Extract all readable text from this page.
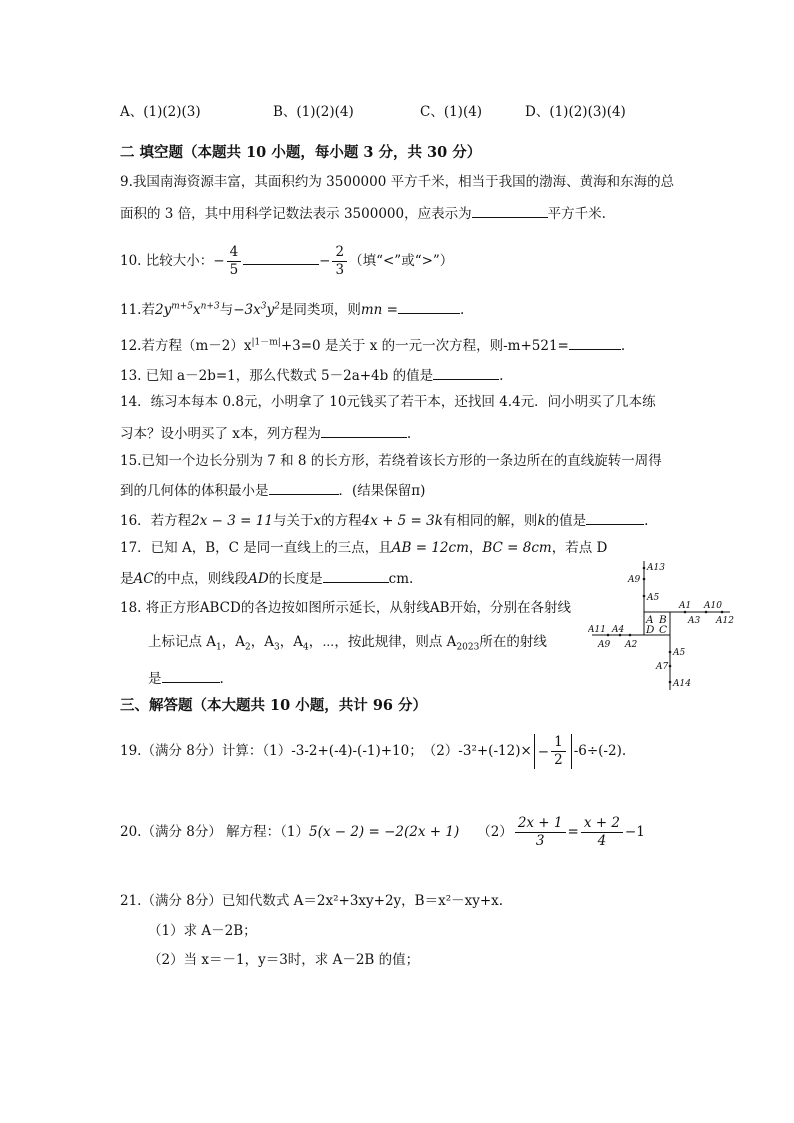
A、(1)(2)(3)	B、(1)(2)(4)	C、(1)(4)	D、(1)(2)(3)(4)
二 填空题（本题共 10 小题，每小题 3 分，共 30 分）
9.我国南海资源丰富，其面积约为 3500000 平方千米，相当于我国的渤海、黄海和东海的总
面积的 3 倍，其中用科学记数法表示 3500000，应表示为	平方千米.
10. 比较大小：− $\frac{4}{5}$	− $\frac{2}{3}$ （填“<”或“>”）
11.若$2y^{m+5}x^{n+3}$与$-3x^3y^2$是同类项，则mn =	.
12.若方程$(m-2)x^{|1-m|}+3=0$ 是关于 x 的一元一次方程，则-m+521=	.
13. 已知 a－2b=1，那么代数式 5－2a+4b 的值是	.
14．练习本每本 0.8元，小明拿了 10元钱买了若干本，还找回 4.4元．问小明买了几本练
习本？设小明买了 x本，列方程为	.
15.已知一个边长分别为 7 和 8 的长方形，若绕着该长方形的一条边所在的直线旋转一周得
到的几何体的体积最小是	．(结果保留π)
16．若方程2x − 3 = 11与关于x的方程4x + 5 = 3k有相同的解，则k的值是	.
17．已知 A，B，C 是同一直线上的三点，且AB = 12cm，BC = 8cm，若点 D
是AC的中点，则线段AD的长度是	cm.
18. 将正方形ABCD的各边按如图所示延长，从射线AB开始，分别在各射线
上标记点 $A_1$，$A_2$，$A_3$，$A_4$，⋯，按此规律，则点 $A_{2023}$所在的射线
是	.
A13
A9
A5
A1 A10
A12
A11 A4
A9 A2
A3
A5
A7
A14
A B
D C
三、解答题（本大题共 10 小题，共计 96 分）
19.（满分 8分）计算：（1）-3-2+(-4)-(-1)+10；　$(2)-3^2+(-12)\times - \frac{1}{2} -6\div(-2)$.
20.（满分 8分） 解方程：（1）5(x − 2) = −2(2x + 1) $(2) \frac{2x + 1}{3} = \frac{x + 2}{4} -1$
21.（满分 8分）已知代数式 A＝2x²+3xy+2y，B＝x²－xy+x.
（1）求 A－2B；
（2）当 x＝－1，y＝3时，求 A－2B 的值；
